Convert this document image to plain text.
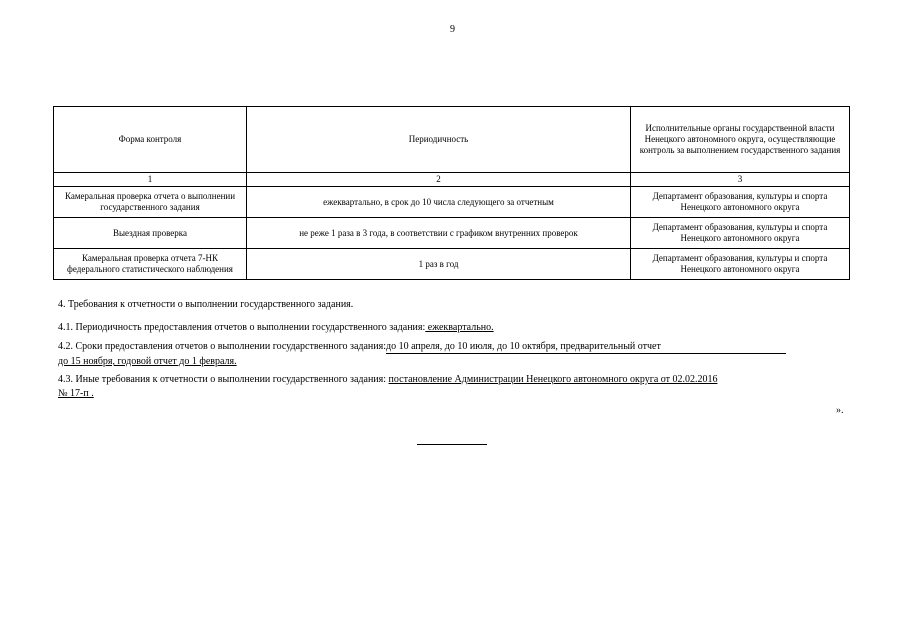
9
Форма контроля	Периодичность	Исполнительные органы государственной власти Ненецкого автономного округа, осуществляющие контроль за выполнением государственного задания
1	2	3
Камеральная проверка отчета о выполнении государственного задания	ежеквартально, в срок до 10 числа следующего за отчетным	Департамент образования, культуры и спорта Ненецкого автономного округа
Выездная проверка	не реже 1 раза в 3 года, в соответствии с графиком внутренних проверок	Департамент образования, культуры и спорта Ненецкого автономного округа
Камеральная проверка отчета 7-НК федерального статистического наблюдения	1 раз в год	Департамент образования, культуры и спорта Ненецкого автономного округа
4. Требования к отчетности о выполнении государственного задания.
4.1. Периодичность предоставления отчетов о выполнении государственного задания: ежеквартально.
4.2. Сроки предоставления отчетов о выполнении государственного задания:до 10 апреля, до 10 июля, до 10 октября, предварительный отчет
до 15 ноября, годовой отчет до 1 февраля.
4.3. Иные требования к отчетности о выполнении государственного задания: постановление Администрации Ненецкого автономного округа от 02.02.2016
№ 17-п .
».
